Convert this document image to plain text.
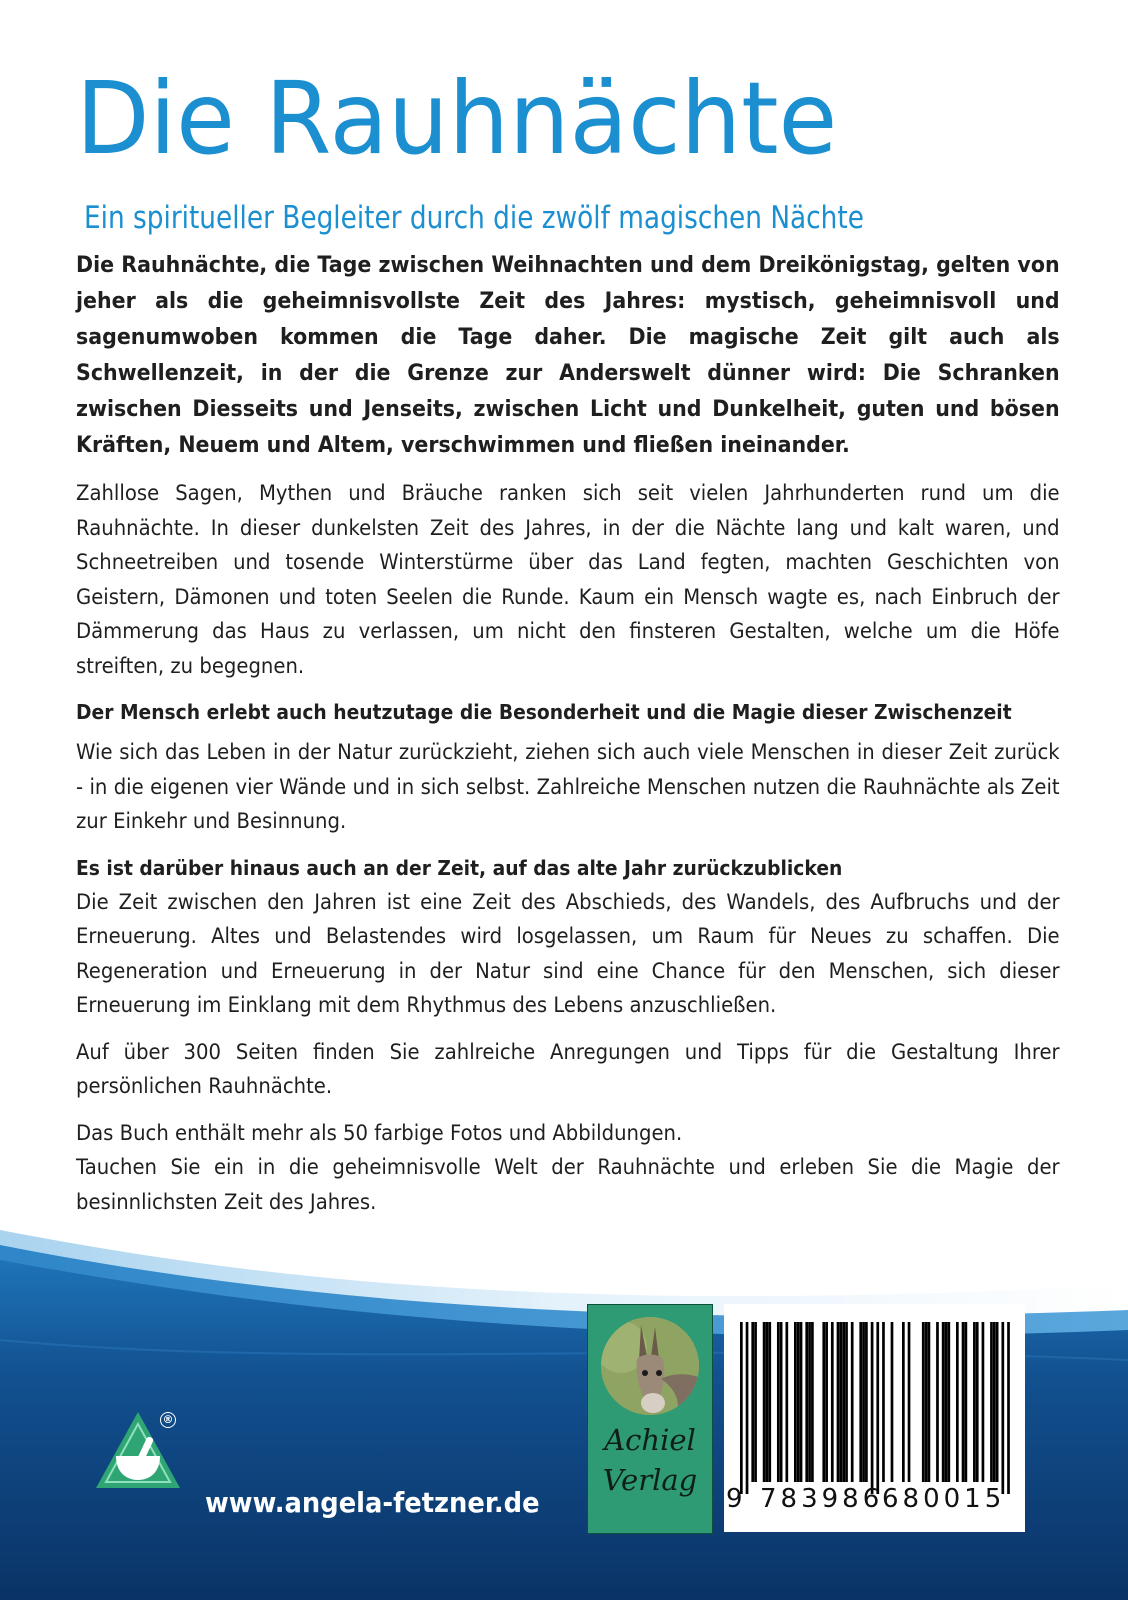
Die Rauhnächte
Ein spiritueller Begleiter durch die zwölf magischen Nächte

Die Rauhnächte, die Tage zwischen Weihnachten und dem Dreikönigstag, gelten von jeher als die geheimnisvollste Zeit des Jahres: mystisch, geheimnisvoll und sagenumwoben kommen die Tage daher. Die magische Zeit gilt auch als Schwellenzeit, in der die Grenze zur Anderswelt dünner wird: Die Schranken zwischen Diesseits und Jenseits, zwischen Licht und Dunkelheit, guten und bösen Kräften, Neuem und Altem, verschwimmen und fließen ineinander.

Zahllose Sagen, Mythen und Bräuche ranken sich seit vielen Jahrhunderten rund um die Rauhnächte. In dieser dunkelsten Zeit des Jahres, in der die Nächte lang und kalt waren, und Schneetreiben und tosende Winterstürme über das Land fegten, machten Geschichten von Geistern, Dämonen und toten Seelen die Runde. Kaum ein Mensch wagte es, nach Einbruch der Dämmerung das Haus zu verlassen, um nicht den finsteren Gestalten, welche um die Höfe streiften, zu begegnen.

Der Mensch erlebt auch heutzutage die Besonderheit und die Magie dieser Zwischenzeit

Wie sich das Leben in der Natur zurückzieht, ziehen sich auch viele Menschen in dieser Zeit zurück - in die eigenen vier Wände und in sich selbst. Zahlreiche Menschen nutzen die Rauhnächte als Zeit zur Einkehr und Besinnung.

Es ist darüber hinaus auch an der Zeit, auf das alte Jahr zurückzublicken

Die Zeit zwischen den Jahren ist eine Zeit des Abschieds, des Wandels, des Aufbruchs und der Erneuerung. Altes und Belastendes wird losgelassen, um Raum für Neues zu schaffen. Die Regeneration und Erneuerung in der Natur sind eine Chance für den Menschen, sich dieser Erneuerung im Einklang mit dem Rhythmus des Lebens anzuschließen.

Auf über 300 Seiten finden Sie zahlreiche Anregungen und Tipps für die Gestaltung Ihrer persönlichen Rauhnächte.

Das Buch enthält mehr als 50 farbige Fotos und Abbildungen.

Tauchen Sie ein in die geheimnisvolle Welt der Rauhnächte und erleben Sie die Magie der besinnlichsten Zeit des Jahres.

®
www.angela-fetzner.de
Achiel
Verlag
9 783986
680015
